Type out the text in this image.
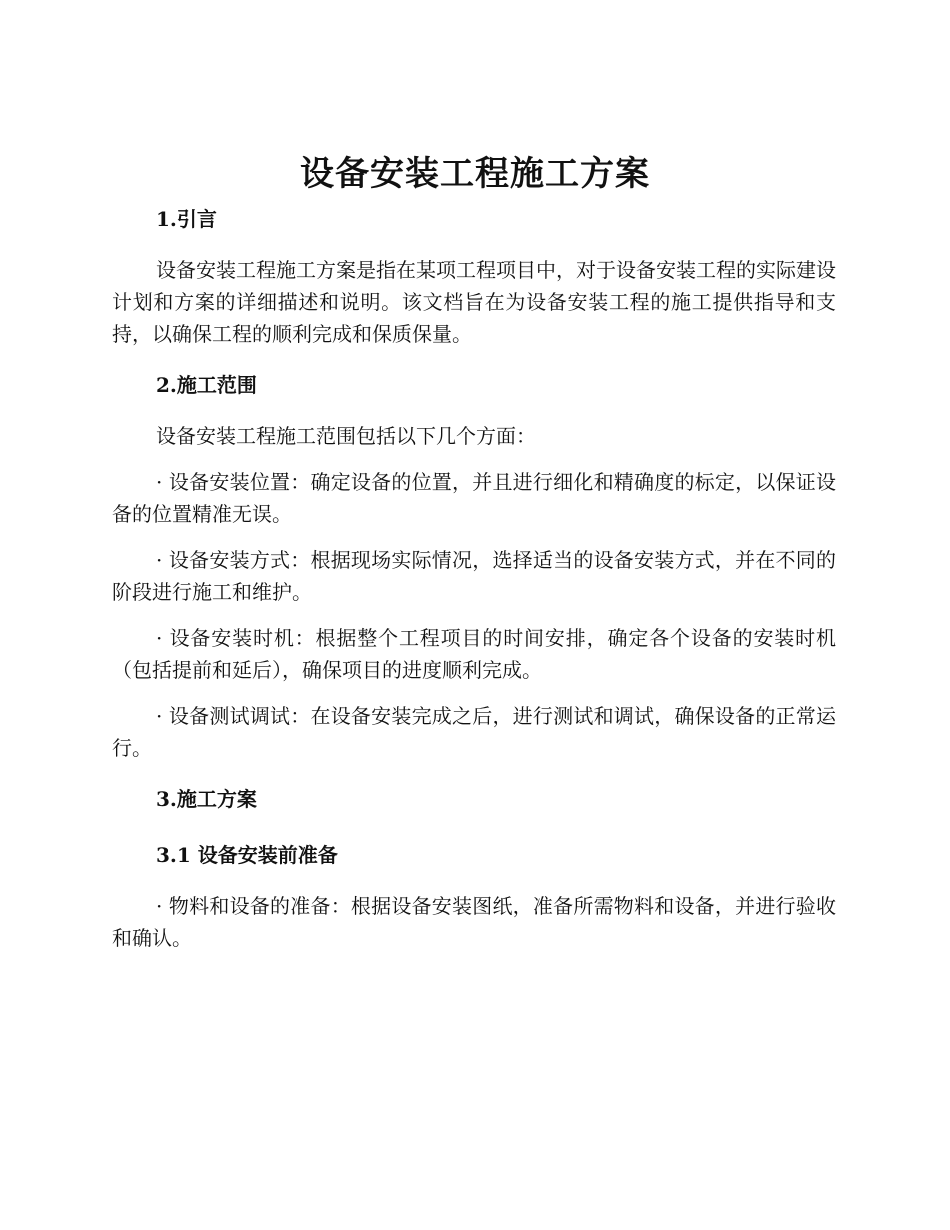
设备安装工程施工方案
1.引言

设备安装工程施工方案是指在某项工程项目中，对于设备安装工程的实际建设计划和方案的详细描述和说明。该文档旨在为设备安装工程的施工提供指导和支持，以确保工程的顺利完成和保质保量。

2.施工范围

设备安装工程施工范围包括以下几个方面：

· 设备安装位置：确定设备的位置，并且进行细化和精确度的标定，以保证设备的位置精准无误。

· 设备安装方式：根据现场实际情况，选择适当的设备安装方式，并在不同的阶段进行施工和维护。

· 设备安装时机：根据整个工程项目的时间安排，确定各个设备的安装时机（包括提前和延后），确保项目的进度顺利完成。

· 设备测试调试：在设备安装完成之后，进行测试和调试，确保设备的正常运行。

3.施工方案
3.1 设备安装前准备

· 物料和设备的准备：根据设备安装图纸，准备所需物料和设备，并进行验收和确认。
